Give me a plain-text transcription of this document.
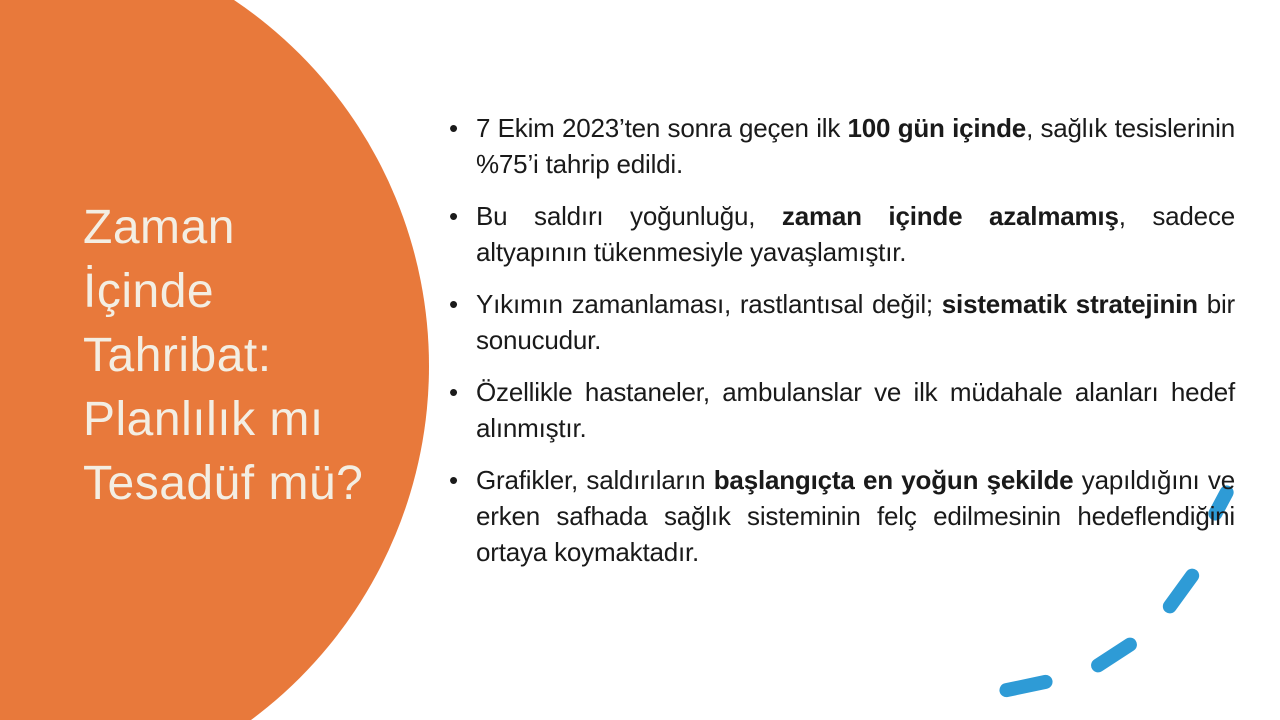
Zaman
İçinde
Tahribat:
Planlılık mı
Tesadüf mü?
• 7 Ekim 2023’ten sonra geçen ilk 100 gün içinde, sağlık tesislerinin %75’i tahrip edildi.
• Bu saldırı yoğunluğu, zaman içinde azalmamış, sadece altyapının tükenmesiyle yavaşlamıştır.
• Yıkımın zamanlaması, rastlantısal değil; sistematik stratejinin bir sonucudur.
• Özellikle hastaneler, ambulanslar ve ilk müdahale alanları hedef alınmıştır.
• Grafikler, saldırıların başlangıçta en yoğun şekilde yapıldığını ve erken safhada sağlık sisteminin felç edilmesinin hedeflendiğini ortaya koymaktadır.
